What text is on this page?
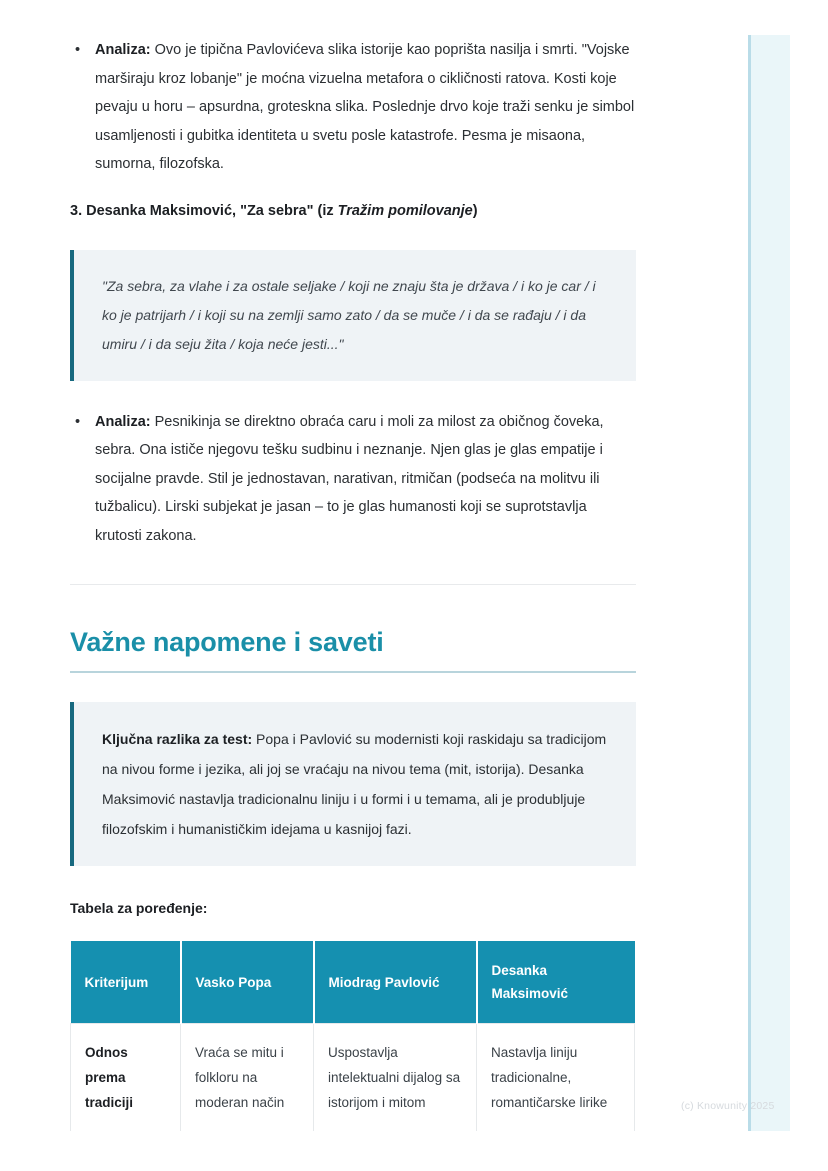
• Analiza: Ovo je tipična Pavlovićeva slika istorije kao poprišta nasilja i smrti. "Vojske marširaju kroz lobanje" je moćna vizuelna metafora o cikličnosti ratova. Kosti koje pevaju u horu – apsurdna, groteskna slika. Poslednje drvo koje traži senku je simbol usamljenosti i gubitka identiteta u svetu posle katastrofe. Pesma je misaona, sumorna, filozofska.
3. Desanka Maksimović, "Za sebra" (iz Tražim pomilovanje)
"Za sebra, za vlahe i za ostale seljake / koji ne znaju šta je država / i ko je car / i ko je patrijarh / i koji su na zemlji samo zato / da se muče / i da se rađaju / i da umiru / i da seju žita / koja neće jesti..."
• Analiza: Pesnikinja se direktno obraća caru i moli za milost za običnog čoveka, sebra. Ona ističe njegovu tešku sudbinu i neznanje. Njen glas je glas empatije i socijalne pravde. Stil je jednostavan, narativan, ritmičan (podseća na molitvu ili tužbalicu). Lirski subjekat je jasan – to je glas humanosti koji se suprotstavlja krutosti zakona.
Važne napomene i saveti
Ključna razlika za test: Popa i Pavlović su modernisti koji raskidaju sa tradicijom na nivou forme i jezika, ali joj se vraćaju na nivou tema (mit, istorija). Desanka Maksimović nastavlja tradicionalnu liniju i u formi i u temama, ali je produbljuje filozofskim i humanističkim idejama u kasnijoj fazi.
Tabela za poređenje:
Kriterijum	Vasko Popa	Miodrag Pavlović	Desanka Maksimović
Odnos prema tradiciji	Vraća se mitu i folkloru na moderan način	Uspostavlja intelektualni dijalog sa istorijom i mitom	Nastavlja liniju tradicionalne, romantičarske lirike
				(c) Knowunity 2025
